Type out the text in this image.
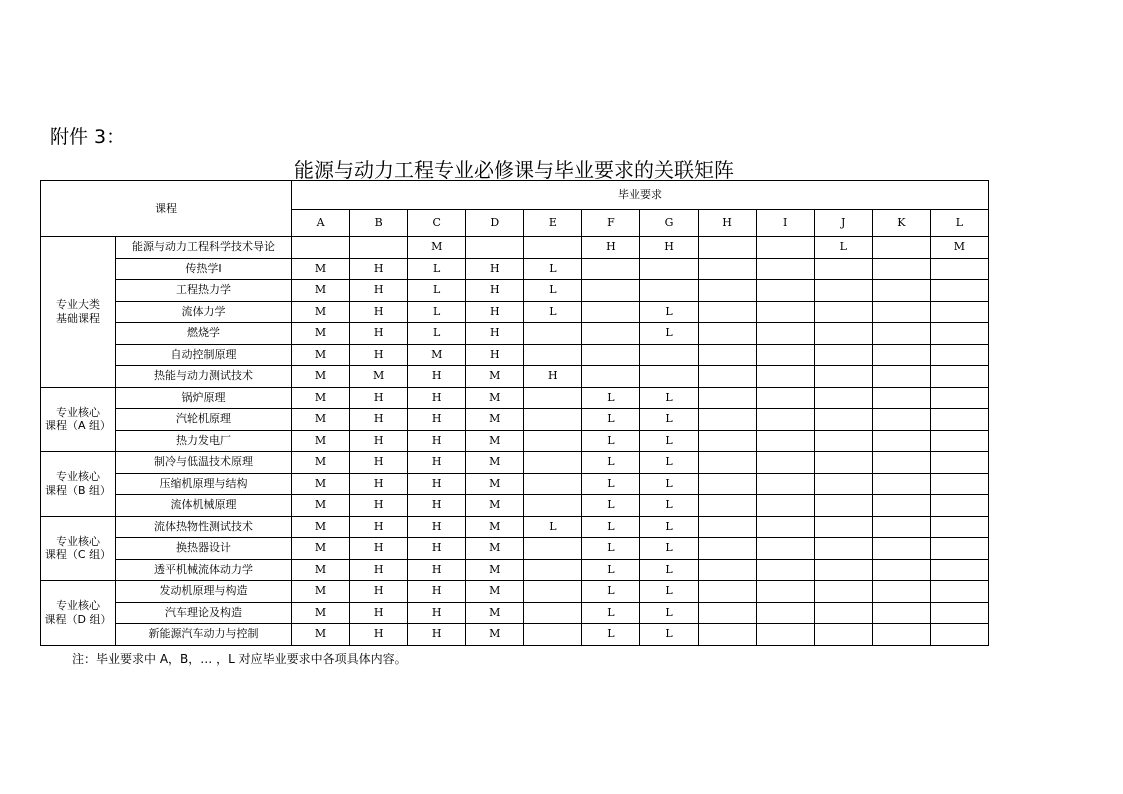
附件 3：
能源与动力工程专业必修课与毕业要求的关联矩阵
课程		毕业要求											
		A	B	C	D	E	F	G	H	I	J	K	L

专业大类
基础课程	能源与动力工程科学技术导论			M			H	H			L		M
	传热学Ⅰ	M	H	L	H	L							
	工程热力学	M	H	L	H	L							
	流体力学	M	H	L	H	L		L					
	燃烧学	M	H	L	H			L					
	自动控制原理	M	H	M	H								
	热能与动力测试技术	M	M	H	M	H							

专业核心
课程（A 组）	锅炉原理	M	H	H	M		L	L					
	汽轮机原理	M	H	H	M		L	L					
	热力发电厂	M	H	H	M		L	L					

专业核心
课程（B 组）	制冷与低温技术原理	M	H	H	M		L	L					
	压缩机原理与结构	M	H	H	M		L	L					
	流体机械原理	M	H	H	M		L	L					

专业核心
课程（C 组）	流体热物性测试技术	M	H	H	M	L	L	L					
	换热器设计	M	H	H	M		L	L					
	透平机械流体动力学	M	H	H	M		L	L					

专业核心
课程（D 组）	发动机原理与构造	M	H	H	M		L	L					
	汽车理论及构造	M	H	H	M		L	L					
	新能源汽车动力与控制	M	H	H	M		L	L					
注：毕业要求中 A，B，… ，L 对应毕业要求中各项具体内容。
